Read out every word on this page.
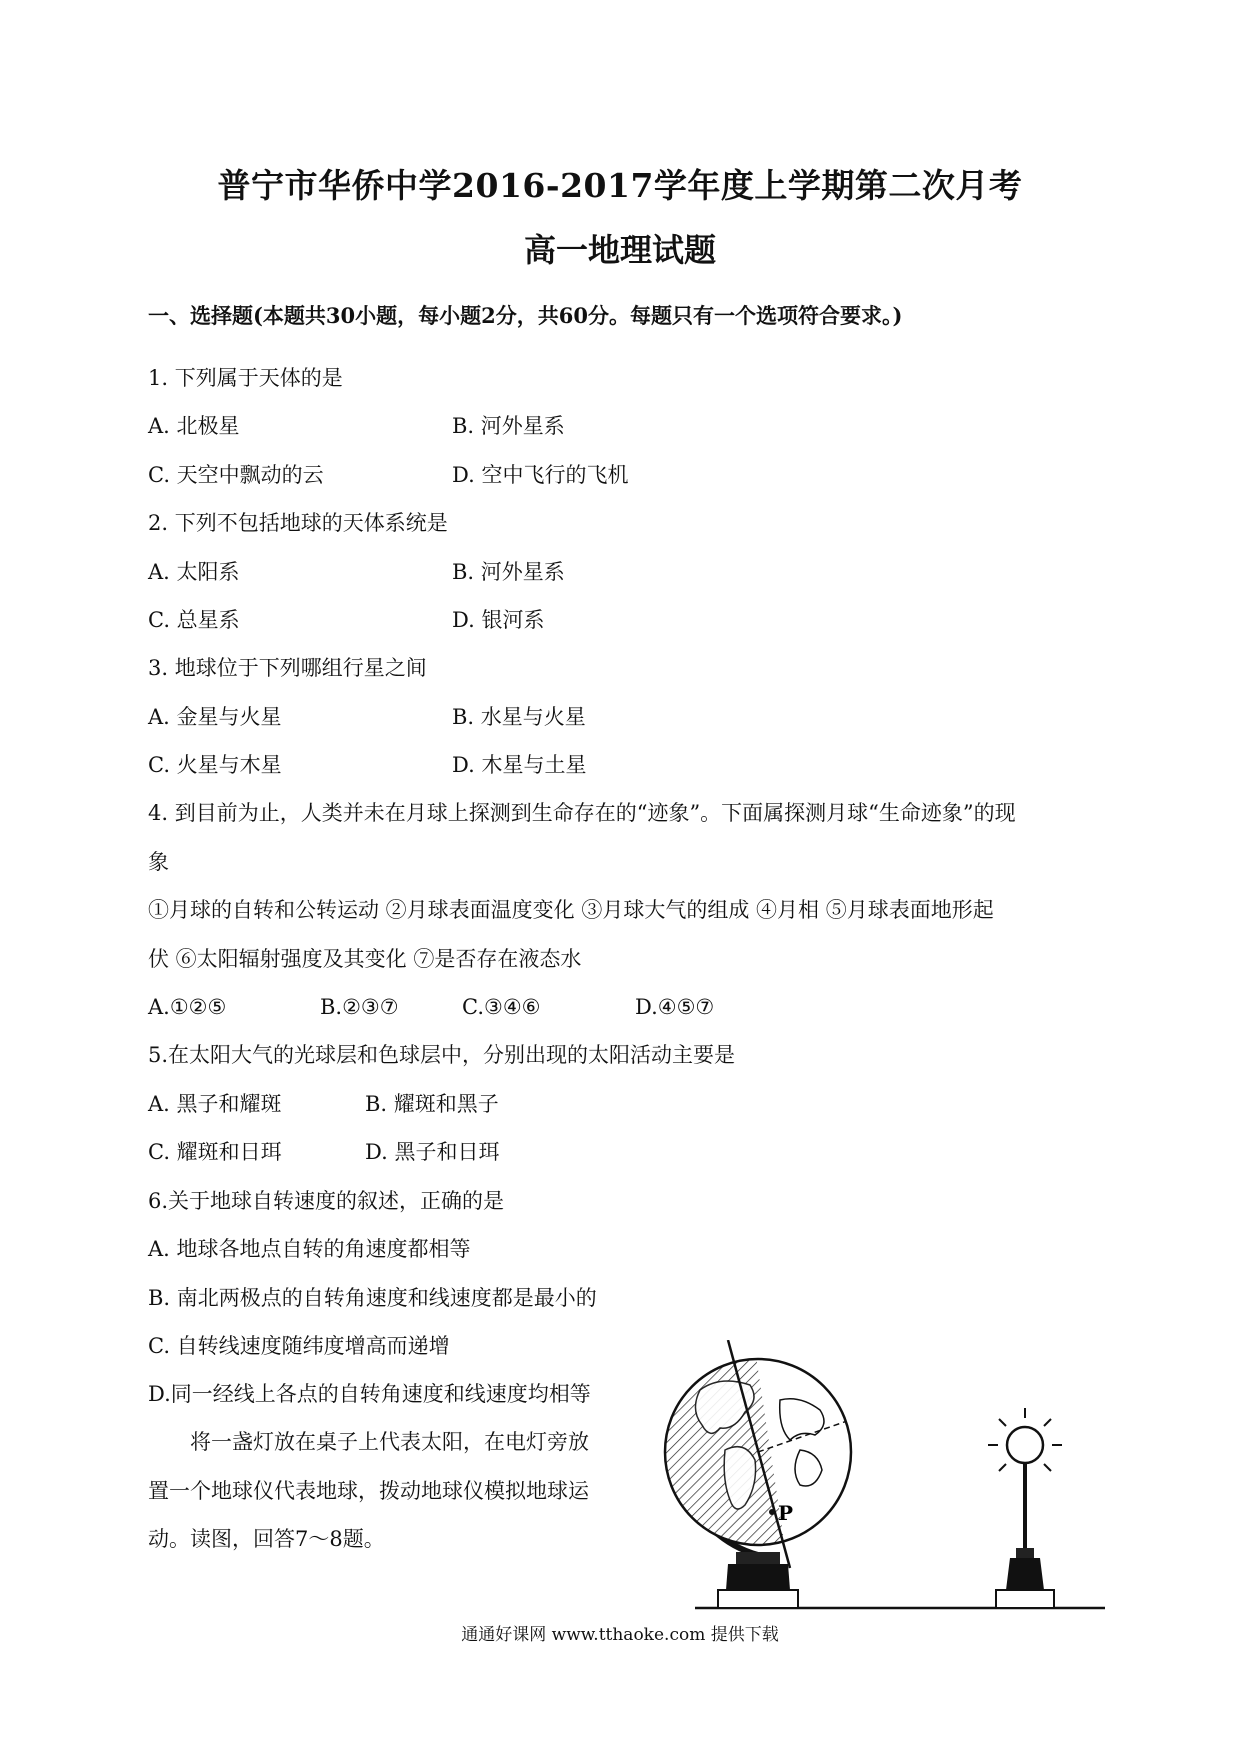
普宁市华侨中学2016-2017学年度上学期第二次月考
高一地理试题
一、选择题(本题共30小题，每小题2分，共60分。每题只有一个选项符合要求。)
1. 下列属于天体的是
A. 北极星	B. 河外星系
C. 天空中飘动的云	D. 空中飞行的飞机
2. 下列不包括地球的天体系统是
A. 太阳系	B. 河外星系
C. 总星系	D. 银河系
3. 地球位于下列哪组行星之间
A. 金星与火星	B. 水星与火星
C. 火星与木星	D. 木星与土星
4. 到目前为止，人类并未在月球上探测到生命存在的“迹象”。下面属探测月球“生命迹象”的现
象
①月球的自转和公转运动 ②月球表面温度变化 ③月球大气的组成 ④月相 ⑤月球表面地形起
伏 ⑥太阳辐射强度及其变化 ⑦是否存在液态水
A.①②⑤	B.②③⑦	C.③④⑥	D.④⑤⑦
5.在太阳大气的光球层和色球层中，分别出现的太阳活动主要是
A. 黑子和耀斑	B. 耀斑和黑子
C. 耀斑和日珥	D. 黑子和日珥
6.关于地球自转速度的叙述，正确的是
A. 地球各地点自转的角速度都相等
B. 南北两极点的自转角速度和线速度都是最小的
C. 自转线速度随纬度增高而递增
D.同一经线上各点的自转角速度和线速度均相等
将一盏灯放在桌子上代表太阳，在电灯旁放
置一个地球仪代表地球，拨动地球仪模拟地球运
动。读图，回答7～8题。
P
通通好课网 www.tthaoke.com 提供下载
